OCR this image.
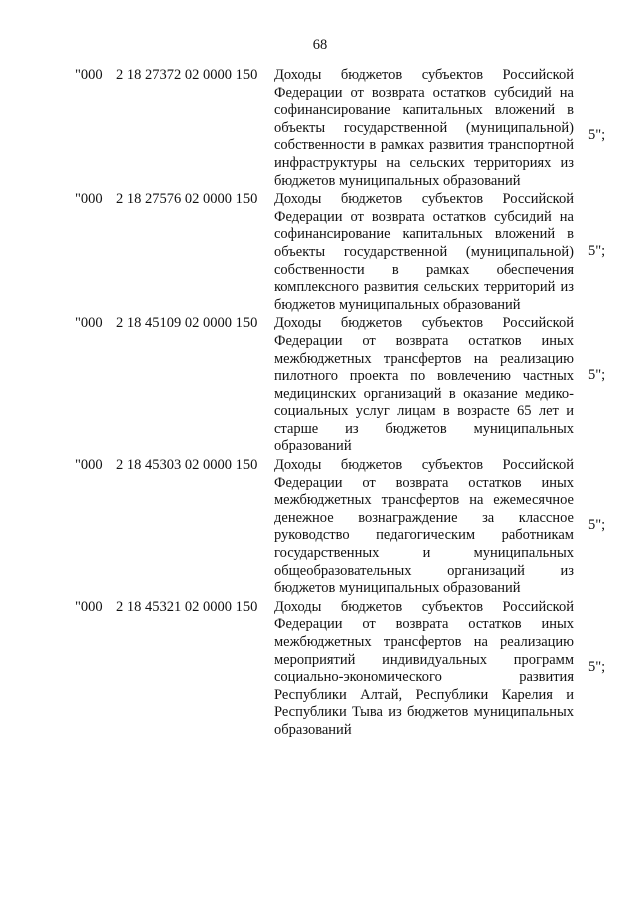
68
"000 2 18 27372 02 0000 150 Доходы бюджетов субъектов Российской Федерации от возврата остатков субсидий на софинансирование капитальных вложений в объекты государственной (муниципальной) собственности в рамках развития транспортной инфраструктуры на сельских территориях из бюджетов муниципальных образований
5";
"000 2 18 27576 02 0000 150 Доходы бюджетов субъектов Российской Федерации от возврата остатков субсидий на софинансирование капитальных вложений в объекты государственной (муниципальной) собственности в рамках обеспечения комплексного развития сельских территорий из бюджетов муниципальных образований
5";
"000 2 18 45109 02 0000 150 Доходы бюджетов субъектов Российской Федерации от возврата остатков иных межбюджетных трансфертов на реализацию пилотного проекта по вовлечению частных медицинских организаций в оказание медико-социальных услуг лицам в возрасте 65 лет и старше из бюджетов муниципальных образований
5";
"000 2 18 45303 02 0000 150 Доходы бюджетов субъектов Российской Федерации от возврата остатков иных межбюджетных трансфертов на ежемесячное денежное вознаграждение за классное руководство педагогическим работникам государственных и муниципальных общеобразовательных организаций из бюджетов муниципальных образований
5";
"000 2 18 45321 02 0000 150 Доходы бюджетов субъектов Российской Федерации от возврата остатков иных межбюджетных трансфертов на реализацию мероприятий индивидуальных программ социально-экономического развития Республики Алтай, Республики Карелия и Республики Тыва из бюджетов муниципальных образований
5";
